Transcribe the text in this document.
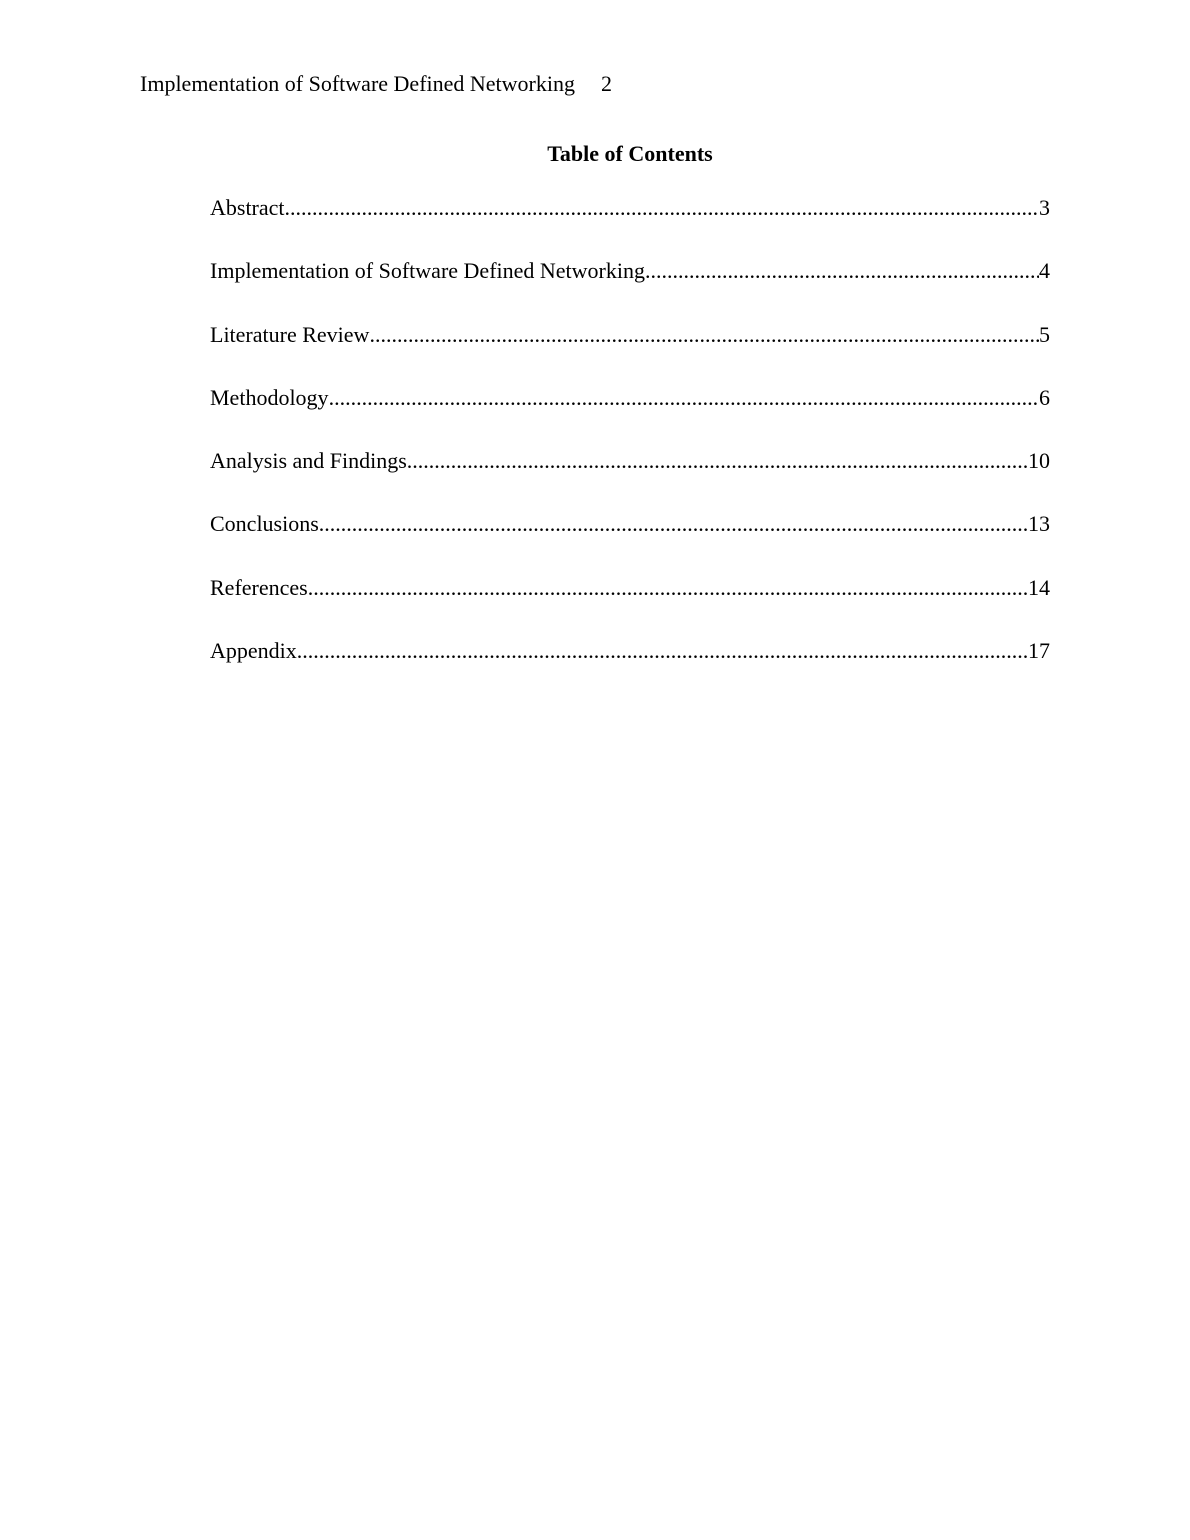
Implementation of Software Defined Networking 2
Table of Contents
Abstract .....	3
Implementation of Software Defined Networking .....	4
Literature Review .....	5
Methodology .....	6
Analysis and Findings .....	10
Conclusions .....	13
References .....	14
Appendix .....	17
